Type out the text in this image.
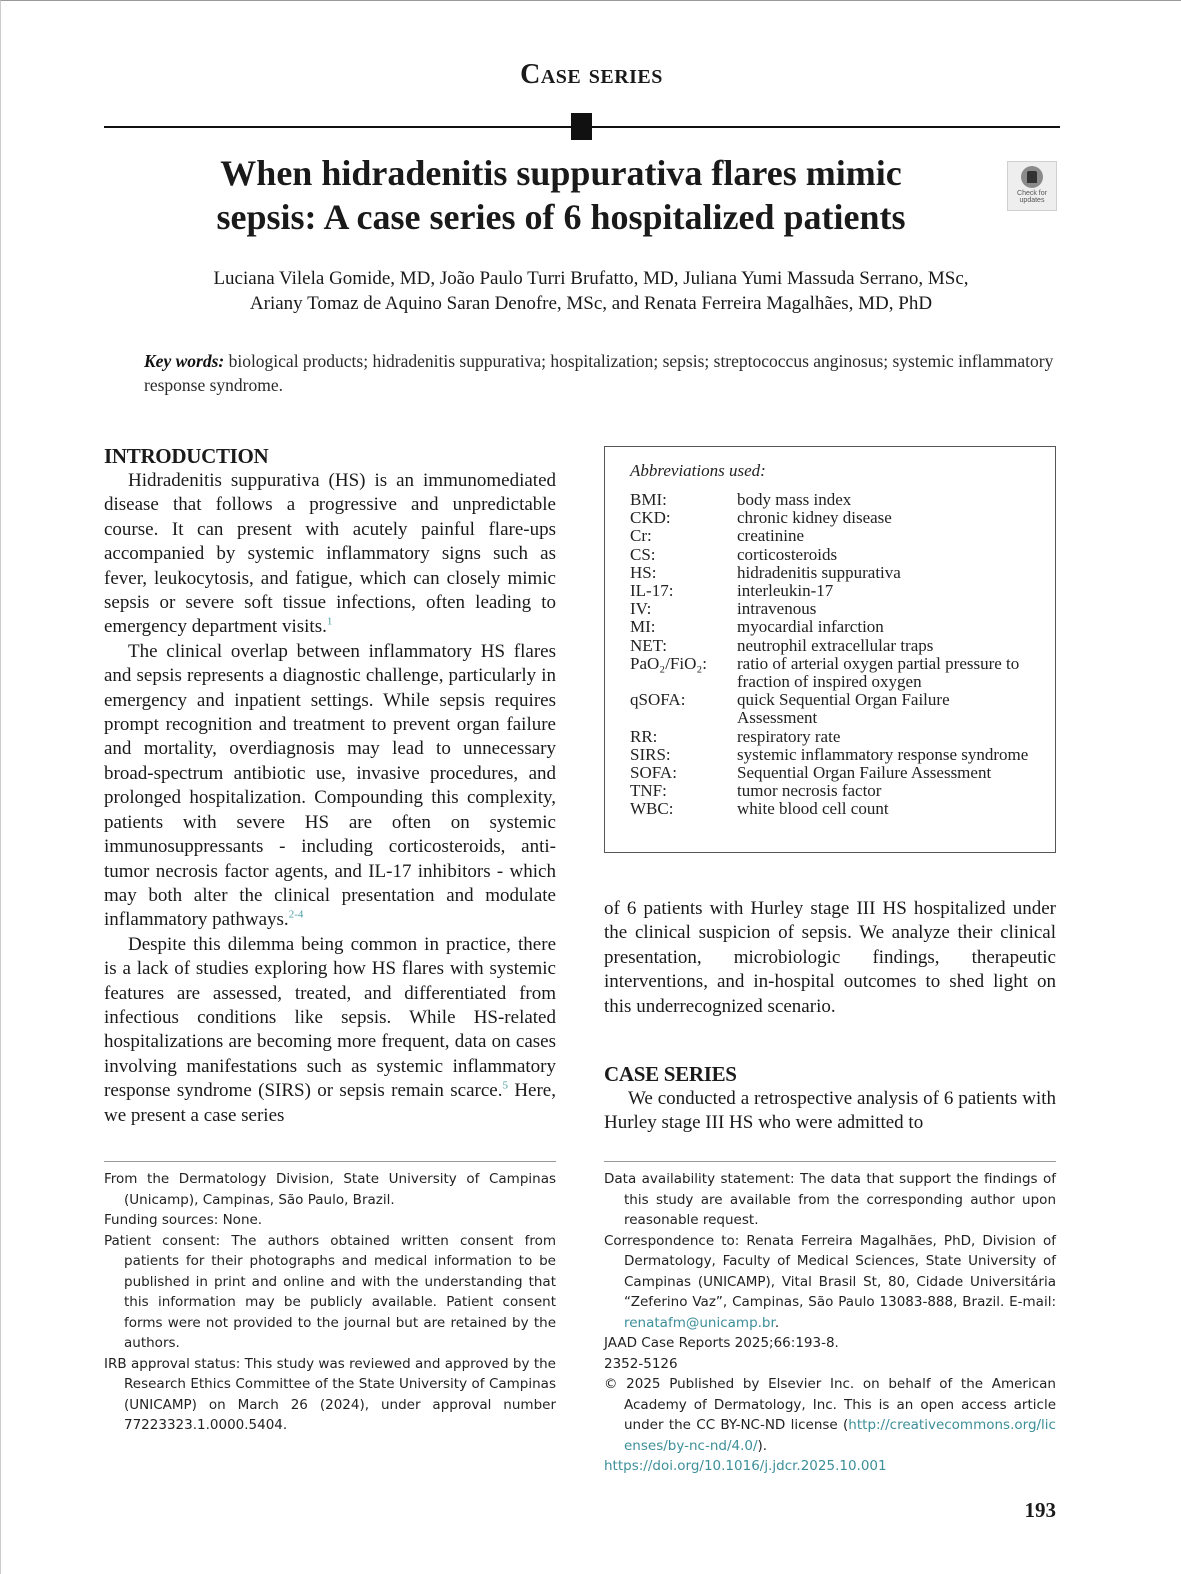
Case series
When hidradenitis suppurativa flares mimic
sepsis: A case series of 6 hospitalized patients
Check for
updates
Luciana Vilela Gomide, MD, João Paulo Turri Brufatto, MD, Juliana Yumi Massuda Serrano, MSc,
Ariany Tomaz de Aquino Saran Denofre, MSc, and Renata Ferreira Magalhães, MD, PhD
Key words: biological products; hidradenitis suppurativa; hospitalization; sepsis; streptococcus anginosus; systemic inflammatory response syndrome.
INTRODUCTION

Hidradenitis suppurativa (HS) is an immunomediated disease that follows a progressive and unpredictable course. It can present with acutely painful flare-ups accompanied by systemic inflammatory signs such as fever, leukocytosis, and fatigue, which can closely mimic sepsis or severe soft tissue infections, often leading to emergency department visits.$^1$

The clinical overlap between inflammatory HS flares and sepsis represents a diagnostic challenge, particularly in emergency and inpatient settings. While sepsis requires prompt recognition and treatment to prevent organ failure and mortality, overdiagnosis may lead to unnecessary broad-spectrum antibiotic use, invasive procedures, and prolonged hospitalization. Compounding this complexity, patients with severe HS are often on systemic immunosuppressants - including corticosteroids, anti-tumor necrosis factor agents, and IL-17 inhibitors - which may both alter the clinical presentation and modulate inflammatory pathways.$^{2-4}$

Despite this dilemma being common in practice, there is a lack of studies exploring how HS flares with systemic features are assessed, treated, and differentiated from infectious conditions like sepsis. While HS-related hospitalizations are becoming more frequent, data on cases involving manifestations such as systemic inflammatory response syndrome (SIRS) or sepsis remain scarce.$^5$ Here, we present a case series

Abbreviations used:
BMI:	body mass index
CKD:	chronic kidney disease
Cr:	creatinine
CS:	corticosteroids
HS:	hidradenitis suppurativa
IL-17:	interleukin-17
IV:	intravenous
MI:	myocardial infarction
NET:	neutrophil extracellular traps
PaO₂/FiO₂:	ratio of arterial oxygen partial pressure to fraction of inspired oxygen
qSOFA:	quick Sequential Organ Failure Assessment
RR:	respiratory rate
SIRS:	systemic inflammatory response syndrome
SOFA:	Sequential Organ Failure Assessment
TNF:	tumor necrosis factor
WBC:	white blood cell count

of 6 patients with Hurley stage III HS hospitalized under the clinical suspicion of sepsis. We analyze their clinical presentation, microbiologic findings, therapeutic interventions, and in-hospital outcomes to shed light on this underrecognized scenario.

CASE SERIES

We conducted a retrospective analysis of 6 patients with Hurley stage III HS who were admitted to

From the Dermatology Division, State University of Campinas (Unicamp), Campinas, São Paulo, Brazil.

Funding sources: None.

Patient consent: The authors obtained written consent from patients for their photographs and medical information to be published in print and online and with the understanding that this information may be publicly available. Patient consent forms were not provided to the journal but are retained by the authors.

IRB approval status: This study was reviewed and approved by the Research Ethics Committee of the State University of Campinas (UNICAMP) on March 26 (2024), under approval number 77223323.1.0000.5404.

Data availability statement: The data that support the findings of this study are available from the corresponding author upon reasonable request.

Correspondence to: Renata Ferreira Magalhães, PhD, Division of Dermatology, Faculty of Medical Sciences, State University of Campinas (UNICAMP), Vital Brasil St, 80, Cidade Universitária “Zeferino Vaz”, Campinas, São Paulo 13083-888, Brazil. E-mail: renatafm@unicamp.br.

JAAD Case Reports 2025;66:193-8.

2352-5126

© 2025 Published by Elsevier Inc. on behalf of the American Academy of Dermatology, Inc. This is an open access article under the CC BY-NC-ND license (http://creativecommons.org/licenses/by-nc-nd/4.0/).

https://doi.org/10.1016/j.jdcr.2025.10.001

193
